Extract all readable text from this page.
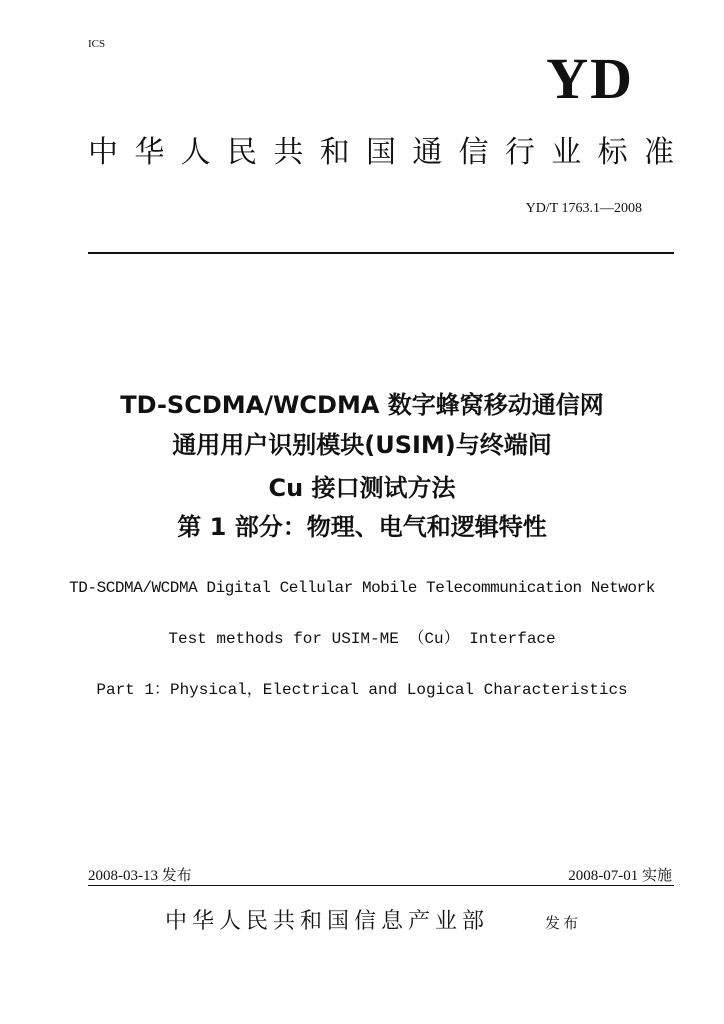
ICS
YD
中 华 人 民 共 和 国 通 信 行 业 标 准
YD/T 1763.1—2008
TD-SCDMA/WCDMA 数字蜂窝移动通信网
通用用户识别模块(USIM)与终端间
Cu 接口测试方法
第 1 部分：物理、电气和逻辑特性
TD-SCDMA/WCDMA Digital Cellular Mobile Telecommunication Network
Test methods for USIM-ME （Cu） Interface
Part 1：Physical，Electrical and Logical Characteristics
2008-03-13 发布	2008-07-01 实施
中华人民共和国信息产业部	发布
